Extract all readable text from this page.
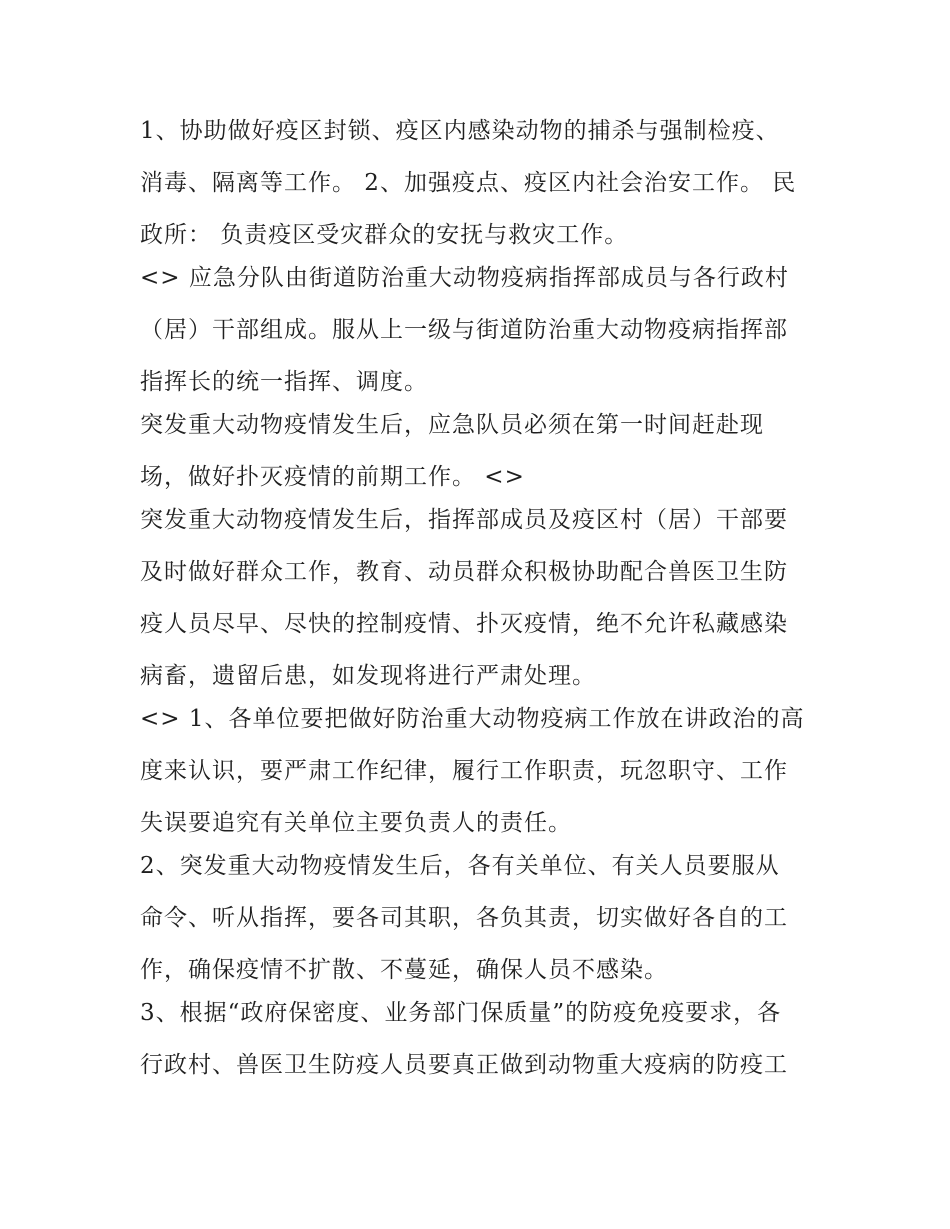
1、协助做好疫区封锁、疫区内感染动物的捕杀与强制检疫、
消毒、隔离等工作。 2、加强疫点、疫区内社会治安工作。 民
政所： 负责疫区受灾群众的安抚与救灾工作。
<> 应急分队由街道防治重大动物疫病指挥部成员与各行政村
（居）干部组成。服从上一级与街道防治重大动物疫病指挥部
指挥长的统一指挥、调度。
突发重大动物疫情发生后，应急队员必须在第一时间赶赴现
场，做好扑灭疫情的前期工作。 <>
突发重大动物疫情发生后，指挥部成员及疫区村（居）干部要
及时做好群众工作，教育、动员群众积极协助配合兽医卫生防
疫人员尽早、尽快的控制疫情、扑灭疫情，绝不允许私藏感染
病畜，遗留后患，如发现将进行严肃处理。
<> 1、各单位要把做好防治重大动物疫病工作放在讲政治的高
度来认识，要严肃工作纪律，履行工作职责，玩忽职守、工作
失误要追究有关单位主要负责人的责任。
2、突发重大动物疫情发生后，各有关单位、有关人员要服从
命令、听从指挥，要各司其职，各负其责，切实做好各自的工
作，确保疫情不扩散、不蔓延，确保人员不感染。
3、根据“政府保密度、业务部门保质量”的防疫免疫要求，各
行政村、兽医卫生防疫人员要真正做到动物重大疫病的防疫工
